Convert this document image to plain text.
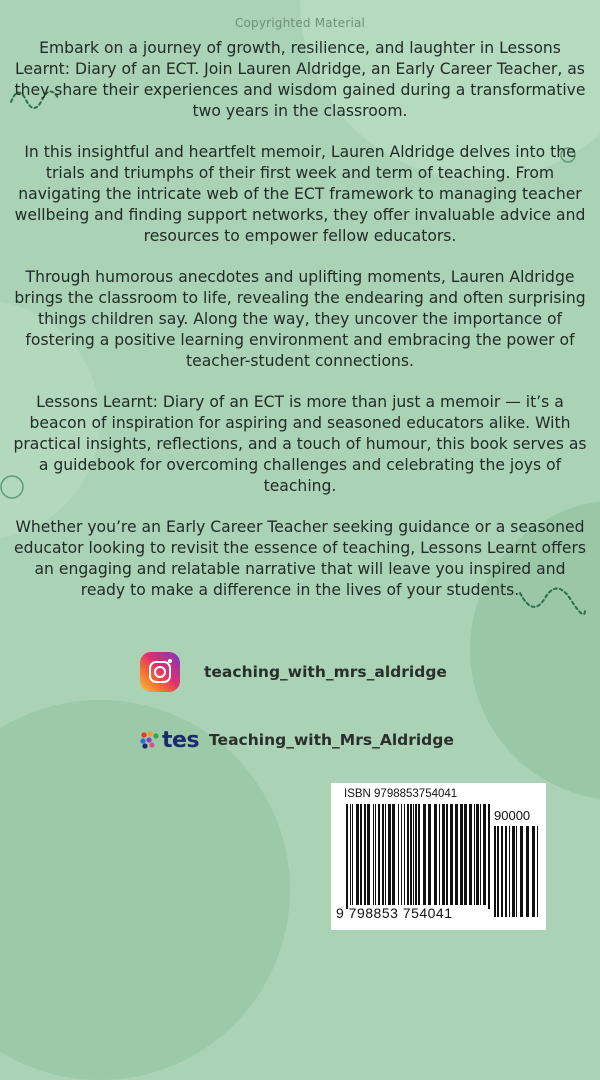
Copyrighted Material

Embark on a journey of growth, resilience, and laughter in Lessons Learnt: Diary of an ECT. Join Lauren Aldridge, an Early Career Teacher, as they share their experiences and wisdom gained during a transformative two years in the classroom.

In this insightful and heartfelt memoir, Lauren Aldridge delves into the trials and triumphs of their first week and term of teaching. From navigating the intricate web of the ECT framework to managing teacher wellbeing and finding support networks, they offer invaluable advice and resources to empower fellow educators.

Through humorous anecdotes and uplifting moments, Lauren Aldridge brings the classroom to life, revealing the endearing and often surprising things children say. Along the way, they uncover the importance of fostering a positive learning environment and embracing the power of teacher-student connections.

Lessons Learnt: Diary of an ECT is more than just a memoir — it’s a beacon of inspiration for aspiring and seasoned educators alike. With practical insights, reflections, and a touch of humour, this book serves as a guidebook for overcoming challenges and celebrating the joys of teaching.

Whether you’re an Early Career Teacher seeking guidance or a seasoned educator looking to revisit the essence of teaching, Lessons Learnt offers an engaging and relatable narrative that will leave you inspired and ready to make a difference in the lives of your students.

teaching_with_mrs_aldridge
tes Teaching_with_Mrs_Aldridge
ISBN 9798853754041
90000
9 798853 754041
